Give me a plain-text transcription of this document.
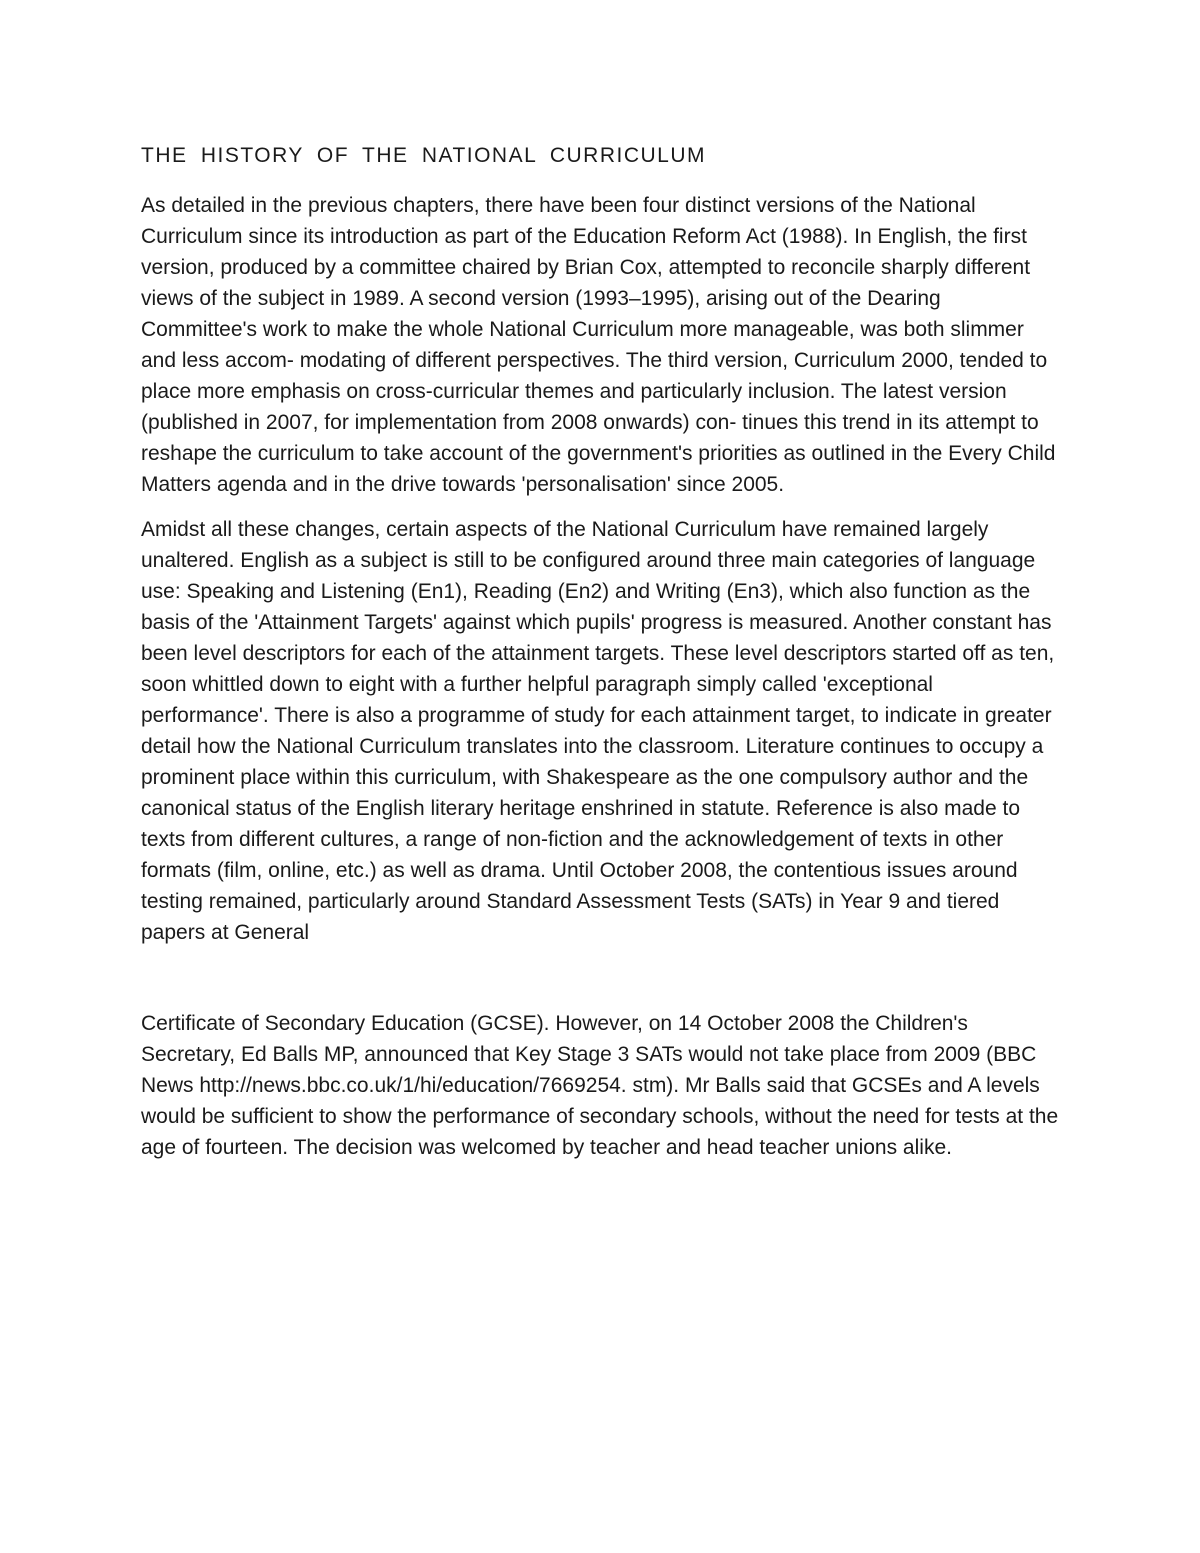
THE HISTORY OF THE NATIONAL CURRICULUM

As detailed in the previous chapters, there have been four distinct versions of the National Curriculum since its introduction as part of the Education Reform Act (1988). In English, the first version, produced by a committee chaired by Brian Cox, attempted to reconcile sharply different views of the subject in 1989. A second version (1993–1995), arising out of the Dearing Committee's work to make the whole National Curriculum more manageable, was both slimmer and less accom- modating of different perspectives. The third version, Curriculum 2000, tended to place more emphasis on cross-curricular themes and particularly inclusion. The latest version (published in 2007, for implementation from 2008 onwards) con- tinues this trend in its attempt to reshape the curriculum to take account of the government's priorities as outlined in the Every Child Matters agenda and in the drive towards 'personalisation' since 2005.

Amidst all these changes, certain aspects of the National Curriculum have remained largely unaltered. English as a subject is still to be configured around three main categories of language use: Speaking and Listening (En1), Reading (En2) and Writing (En3), which also function as the basis of the 'Attainment Targets' against which pupils' progress is measured. Another constant has been level descriptors for each of the attainment targets. These level descriptors started off as ten, soon whittled down to eight with a further helpful paragraph simply called 'exceptional performance'. There is also a programme of study for each attainment target, to indicate in greater detail how the National Curriculum translates into the classroom. Literature continues to occupy a prominent place within this curriculum, with Shakespeare as the one compulsory author and the canonical status of the English literary heritage enshrined in statute. Reference is also made to texts from different cultures, a range of non-fiction and the acknowledgement of texts in other formats (film, online, etc.) as well as drama. Until October 2008, the contentious issues around testing remained, particularly around Standard Assessment Tests (SATs) in Year 9 and tiered papers at General

Certificate of Secondary Education (GCSE). However, on 14 October 2008 the Children's Secretary, Ed Balls MP, announced that Key Stage 3 SATs would not take place from 2009 (BBC News http://news.bbc.co.uk/1/hi/education/7669254. stm). Mr Balls said that GCSEs and A levels would be sufficient to show the performance of secondary schools, without the need for tests at the age of fourteen. The decision was welcomed by teacher and head teacher unions alike.
